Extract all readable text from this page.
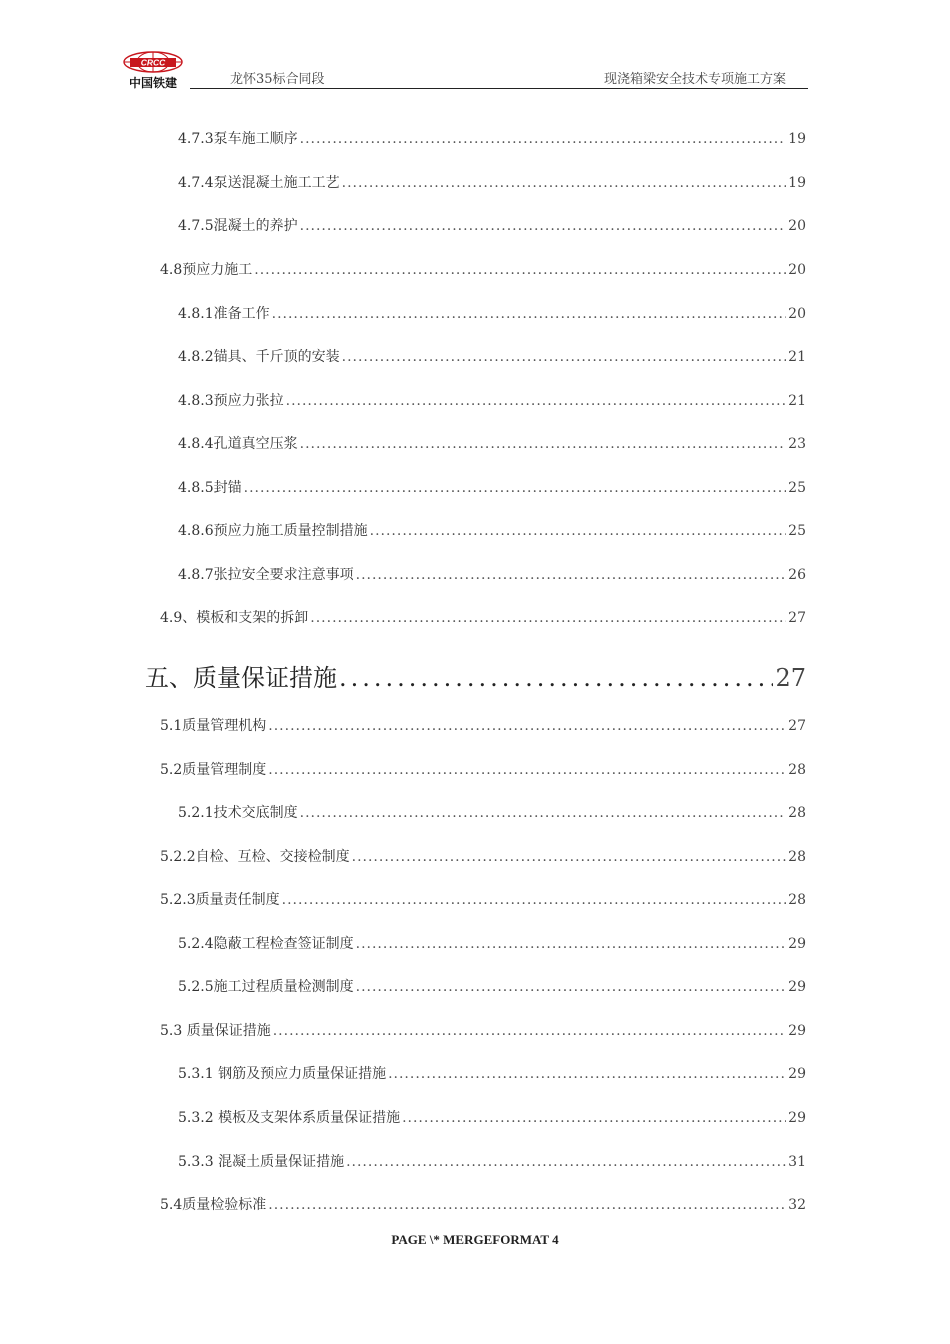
CRCC
中国铁建	龙怀35标合同段	现浇箱梁安全技术专项施工方案
4.7.3泵车施工顺序 .....	19
4.7.4泵送混凝土施工工艺 .....	19
4.7.5混凝土的养护 .....	20
4.8预应力施工 .....	20
4.8.1准备工作 .....	20
4.8.2锚具、千斤顶的安装 .....	21
4.8.3预应力张拉 .....	21
4.8.4孔道真空压浆 .....	23
4.8.5封锚 .....	25
4.8.6预应力施工质量控制措施 .....	25
4.8.7张拉安全要求注意事项 .....	26
4.9、模板和支架的拆卸 .....	27
五、质量保证措施 .....	27
5.1质量管理机构 .....	27
5.2质量管理制度 .....	28
5.2.1技术交底制度 .....	28
5.2.2自检、互检、交接检制度 .....	28
5.2.3质量责任制度 .....	28
5.2.4隐蔽工程检查签证制度 .....	29
5.2.5施工过程质量检测制度 .....	29
5.3 质量保证措施 .....	29
5.3.1 钢筋及预应力质量保证措施 .....	29
5.3.2 模板及支架体系质量保证措施 .....	29
5.3.3 混凝土质量保证措施 .....	31
5.4质量检验标准 .....	32
PAGE \* MERGEFORMAT 4
